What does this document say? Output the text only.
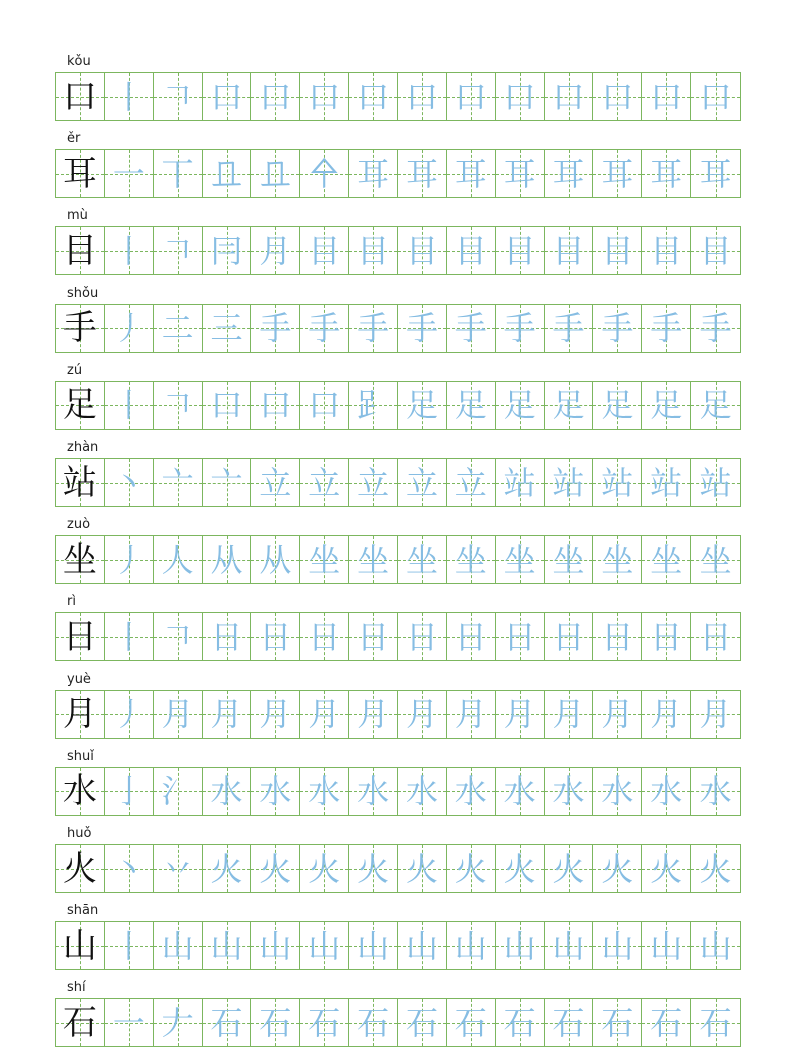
kǒu
口 丨 𠃍 口 口 口 口 口 口 口 口 口 口 口
ěr
耳 一 丅 𠀃 𠀃 㐃 耳 耳 耳 耳 耳 耳 耳 耳
mù
目 丨 𠃍 冃 月 目 目 目 目 目 目 目 目 目
shǒu
手 丿 二 三 手 手 手 手 手 手 手 手 手 手
zú
足 丨 𠃍 口 口 口 𧾷 足 足 足 足 足 足 足
zhàn
站 丶 亠 亠 立 立 立 立 立 站 站 站 站 站
zuò
坐 丿 人 从 从 坐 坐 坐 坐 坐 坐 坐 坐 坐
rì
日 丨 𠃍 日 日 日 日 日 日 日 日 日 日 日
yuè
月 丿 月 月 月 月 月 月 月 月 月 月 月 月
shuǐ
水 亅 氵 水 水 水 水 水 水 水 水 水 水 水
huǒ
火 丶 丷 火 火 火 火 火 火 火 火 火 火 火
shān
山 丨 山 山 山 山 山 山 山 山 山 山 山 山
shí
石 一 𠂇 石 石 石 石 石 石 石 石 石 石 石
